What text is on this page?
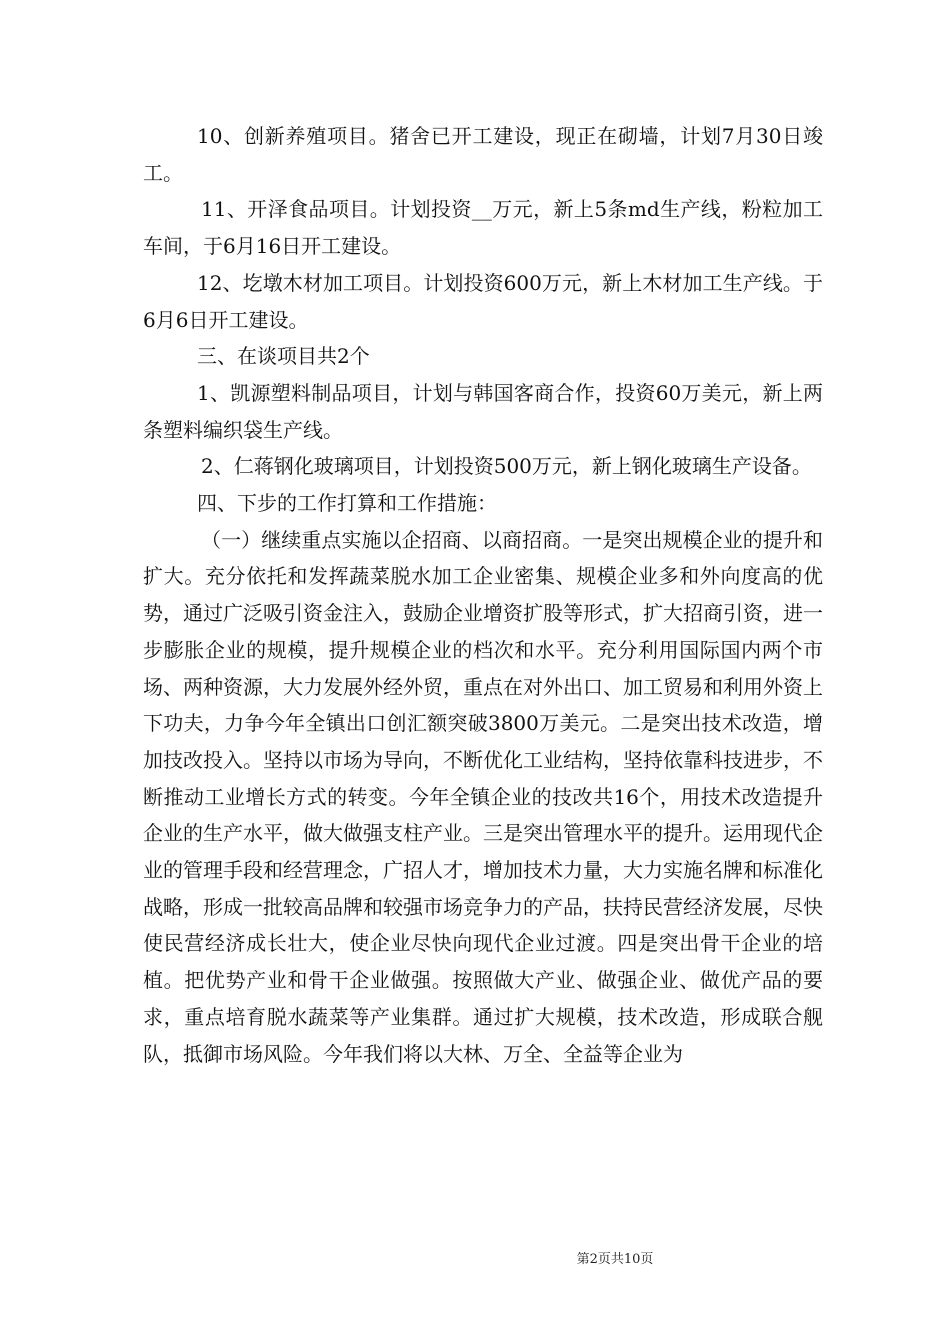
10、创新养殖项目。猪舍已开工建设，现正在砌墙，计划7月30日竣工。

11、开泽食品项目。计划投资__万元，新上5条md生产线，粉粒加工车间，于6月16日开工建设。

12、圪墩木材加工项目。计划投资600万元，新上木材加工生产线。于6月6日开工建设。

三、在谈项目共2个

1、凯源塑料制品项目，计划与韩国客商合作，投资60万美元，新上两条塑料编织袋生产线。

2、仁蒋钢化玻璃项目，计划投资500万元，新上钢化玻璃生产设备。

四、下步的工作打算和工作措施：

（一）继续重点实施以企招商、以商招商。一是突出规模企业的提升和扩大。充分依托和发挥蔬菜脱水加工企业密集、规模企业多和外向度高的优势，通过广泛吸引资金注入，鼓励企业增资扩股等形式，扩大招商引资，进一步膨胀企业的规模，提升规模企业的档次和水平。充分利用国际国内两个市场、两种资源，大力发展外经外贸，重点在对外出口、加工贸易和利用外资上下功夫，力争今年全镇出口创汇额突破3800万美元。二是突出技术改造，增加技改投入。坚持以市场为导向，不断优化工业结构，坚持依靠科技进步，不断推动工业增长方式的转变。今年全镇企业的技改共16个，用技术改造提升企业的生产水平，做大做强支柱产业。三是突出管理水平的提升。运用现代企业的管理手段和经营理念，广招人才，增加技术力量，大力实施名牌和标准化战略，形成一批较高品牌和较强市场竞争力的产品，扶持民营经济发展，尽快使民营经济成长壮大，使企业尽快向现代企业过渡。四是突出骨干企业的培植。把优势产业和骨干企业做强。按照做大产业、做强企业、做优产品的要求，重点培育脱水蔬菜等产业集群。通过扩大规模，技术改造，形成联合舰队，抵御市场风险。今年我们将以大林、万全、全益等企业为

第2页共10页
